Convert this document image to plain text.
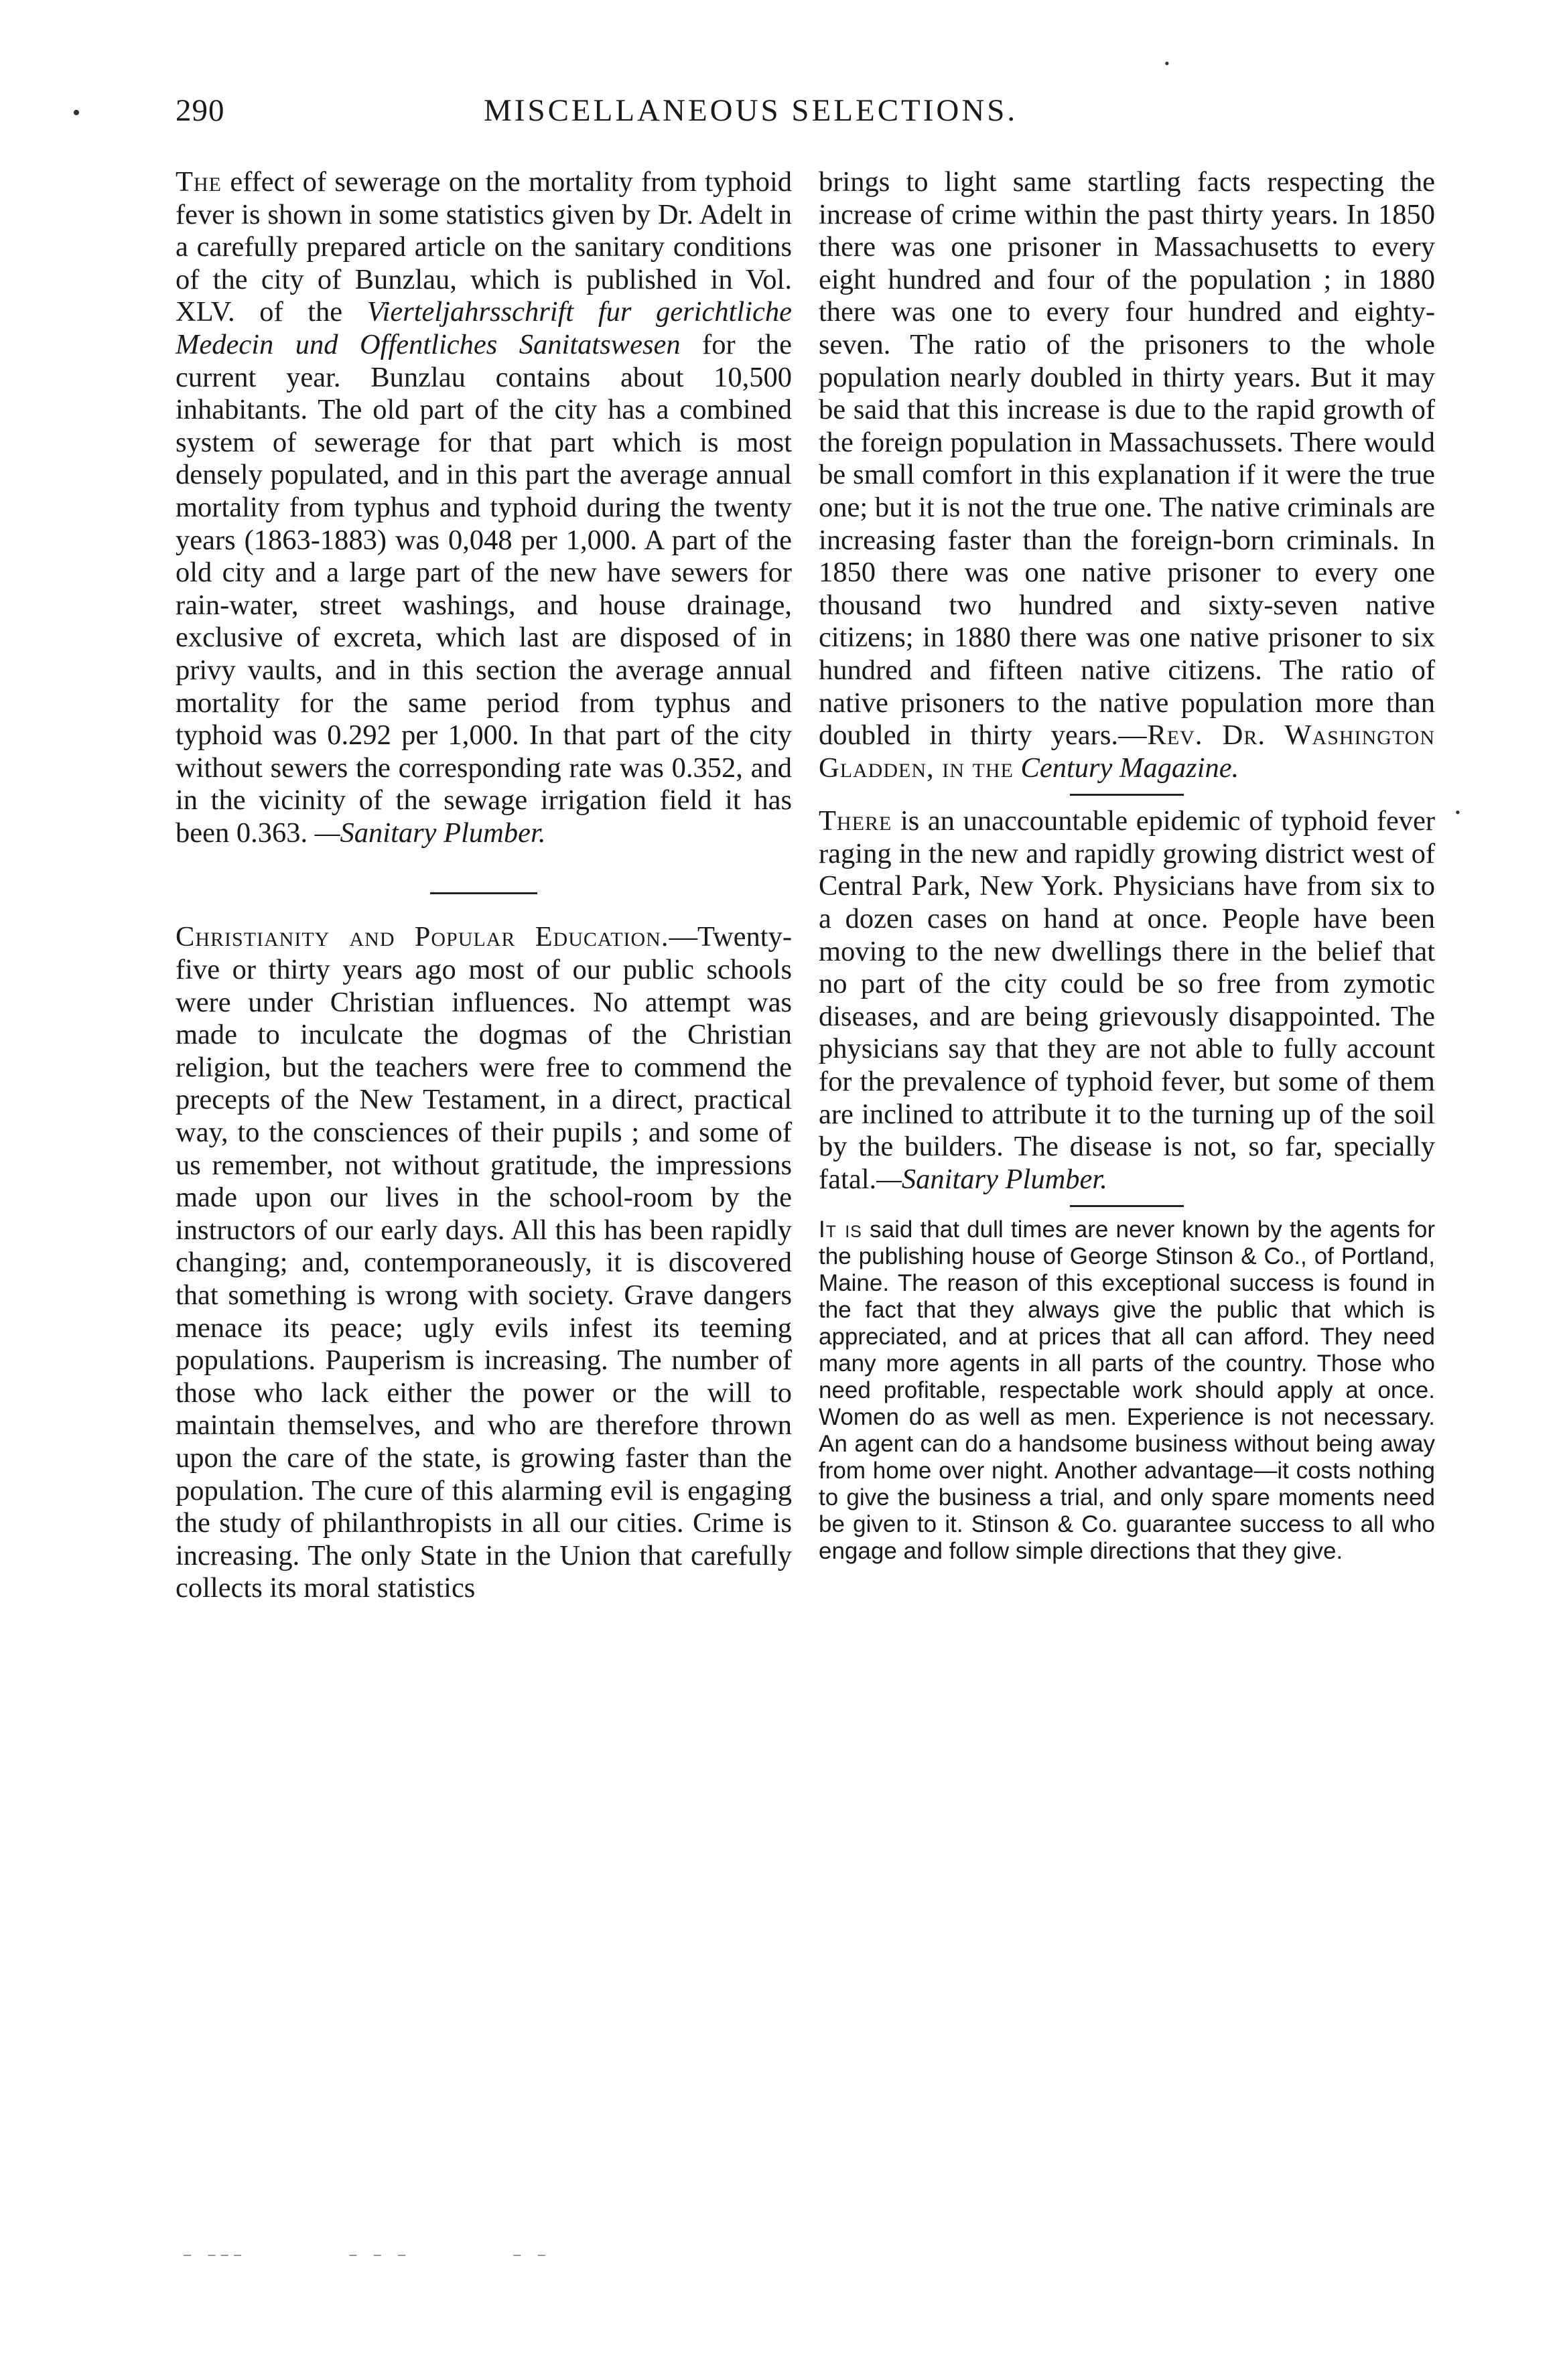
•
•
•
290	MISCELLANEOUS SELECTIONS.

The effect of sewerage on the mortality from typhoid fever is shown in some statistics given by Dr. Adelt in a carefully prepared article on the sanitary conditions of the city of Bunzlau, which is published in Vol. XLV. of the Vierteljahrsschrift fur gerichtliche Medecin und Offentliches Sanitatswesen for the current year. Bunzlau contains about 10,500 inhabitants. The old part of the city has a combined system of sewerage for that part which is most densely populated, and in this part the average annual mortality from typhus and typhoid during the twenty years (1863-1883) was 0,048 per 1,000. A part of the old city and a large part of the new have sewers for rain-water, street washings, and house drainage, exclusive of excreta, which last are disposed of in privy vaults, and in this section the average annual mortality for the same period from typhus and typhoid was 0.292 per 1,000. In that part of the city without sewers the corresponding rate was 0.352, and in the vicinity of the sewage irrigation field it has been 0.363. —Sanitary Plumber.

Christianity and Popular Education.—Twenty-five or thirty years ago most of our public schools were under Christian influences. No attempt was made to inculcate the dogmas of the Christian religion, but the teachers were free to commend the precepts of the New Testament, in a direct, practical way, to the consciences of their pupils ; and some of us remember, not without gratitude, the impressions made upon our lives in the school-room by the instructors of our early days. All this has been rapidly changing; and, contemporaneously, it is discovered that something is wrong with society. Grave dangers menace its peace; ugly evils infest its teeming populations. Pauperism is increasing. The number of those who lack either the power or the will to maintain themselves, and who are therefore thrown upon the care of the state, is growing faster than the population. The cure of this alarming evil is engaging the study of philanthropists in all our cities. Crime is increasing. The only State in the Union that carefully collects its moral statistics

brings to light same startling facts respecting the increase of crime within the past thirty years. In 1850 there was one prisoner in Massachusetts to every eight hundred and four of the population ; in 1880 there was one to every four hundred and eighty-seven. The ratio of the prisoners to the whole population nearly doubled in thirty years. But it may be said that this increase is due to the rapid growth of the foreign population in Massachussets. There would be small comfort in this explanation if it were the true one; but it is not the true one. The native criminals are increasing faster than the foreign-born criminals. In 1850 there was one native prisoner to every one thousand two hundred and sixty-seven native citizens; in 1880 there was one native prisoner to six hundred and fifteen native citizens. The ratio of native prisoners to the native population more than doubled in thirty years.—Rev. Dr. Washington Gladden, in the Century Magazine.

There is an unaccountable epidemic of typhoid fever raging in the new and rapidly growing district west of Central Park, New York. Physicians have from six to a dozen cases on hand at once. People have been moving to the new dwellings there in the belief that no part of the city could be so free from zymotic diseases, and are being grievously disappointed. The physicians say that they are not able to fully account for the prevalence of typhoid fever, but some of them are inclined to attribute it to the turning up of the soil by the builders. The disease is not, so far, specially fatal.—Sanitary Plumber.

It is said that dull times are never known by the agents for the publishing house of George Stinson & Co., of Portland, Maine. The reason of this exceptional success is found in the fact that they always give the public that which is appreciated, and at prices that all can afford. They need many more agents in all parts of the country. Those who need profitable, respectable work should apply at once. Women do as well as men. Experience is not necessary. An agent can do a handsome business without being away from home over night. Another advantage—it costs nothing to give the business a trial, and only spare moments need be given to it. Stinson & Co. guarantee success to all who engage and follow simple directions that they give.

‾ ‾‾‾         ‾ ‾ ‾         ‾ ‾
